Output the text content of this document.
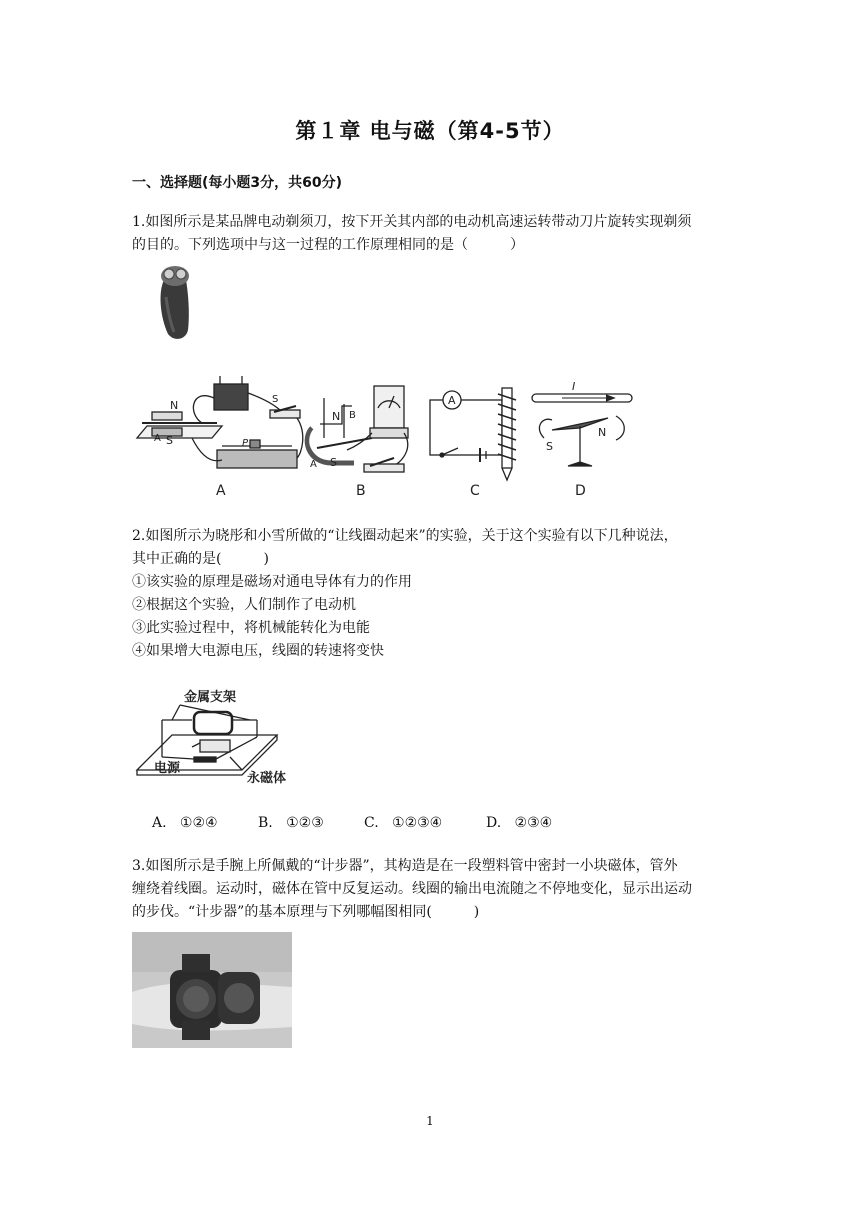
第１章 电与磁（第4-5节）
一、选择题(每小题3分，共60分)
1.如图所示是某品牌电动剃须刀，按下开关其内部的电动机高速运转带动刀片旋转实现剃须
的目的。下列选项中与这一过程的工作原理相同的是（　　　）
N
S
A	P
S
A
N
S
A
B
B
A
C
I
S
N
D
2.如图所示为晓彤和小雪所做的“让线圈动起来”的实验，关于这个实验有以下几种说法，
其中正确的是(　　　)
①该实验的原理是磁场对通电导体有力的作用
②根据这个实验，人们制作了电动机
③此实验过程中，将机械能转化为电能
④如果增大电源电压，线圈的转速将变快
金属支架
电源
永磁体
A. ①②④	B. ①②③	C. ①②③④	D. ②③④
3.如图所示是手腕上所佩戴的“计步器”，其构造是在一段塑料管中密封一小块磁体，管外
缠绕着线圈。运动时，磁体在管中反复运动。线圈的输出电流随之不停地变化，显示出运动
的步伐。“计步器”的基本原理与下列哪幅图相同(　　　)
1
